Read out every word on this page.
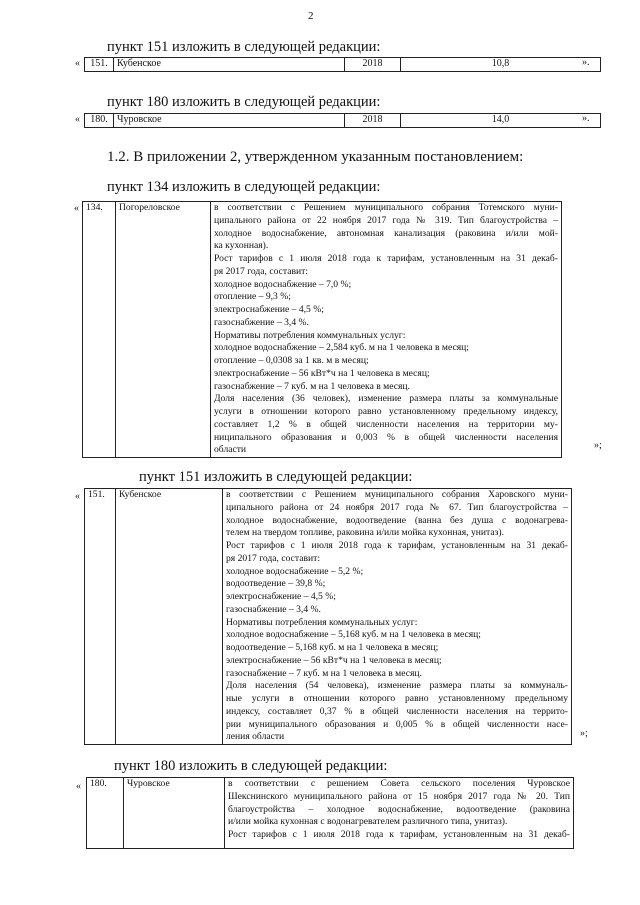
2
пункт 151 изложить в следующей редакции:
« 151.	Кубенское	2018	10,8	».
пункт 180 изложить в следующей редакции:
« 180.	Чуровское	2018	14,0	».
1.2. В приложении 2, утвержденном указанным постановлением:
пункт 134 изложить в следующей редакции:
« 134.	Погореловское	в соответствии с Решением муниципального собрания Тотемского муни-
ципального района от 22 ноября 2017 года № 319. Тип благоустройства –
холодное водоснабжение, автономная канализация (раковина и/или мой-
ка кухонная).
Рост тарифов с 1 июля 2018 года к тарифам, установленным на 31 декаб-
ря 2017 года, составит:
холодное водоснабжение – 7,0 %;
отопление – 9,3 %;
электроснабжение – 4,5 %;
газоснабжение – 3,4 %.
Нормативы потребления коммунальных услуг:
холодное водоснабжение – 2,584 куб. м на 1 человека в месяц;
отопление – 0,0308 за 1 кв. м в месяц;
электроснабжение – 56 кВт*ч на 1 человека в месяц;
газоснабжение – 7 куб. м на 1 человека в месяц.
Доля населения (36 человек), изменение размера платы за коммунальные
услуги в отношении которого равно установленному предельному индексу,
составляет 1,2 % в общей численности населения на территории му-
ниципального образования и 0,003 % в общей численности населения
области	»;
пункт 151 изложить в следующей редакции:
« 151.	Кубенское	в соответствии с Решением муниципального собрания Харовского муни-
ципального района от 24 ноября 2017 года № 67. Тип благоустройства –
холодное водоснабжение, водоотведение (ванна без душа с водонагрева-
телем на твердом топливе, раковина и/или мойка кухонная, унитаз).
Рост тарифов с 1 июля 2018 года к тарифам, установленным на 31 декаб-
ря 2017 года, составит:
холодное водоснабжение – 5,2 %;
водоотведение – 39,8 %;
электроснабжение – 4,5 %;
газоснабжение – 3,4 %.
Нормативы потребления коммунальных услуг:
холодное водоснабжение – 5,168 куб. м на 1 человека в месяц;
водоотведение – 5,168 куб. м на 1 человека в месяц;
электроснабжение – 56 кВт*ч на 1 человека в месяц;
газоснабжение – 7 куб. м на 1 человека в месяц.
Доля населения (54 человека), изменение размера платы за коммуналь-
ные услуги в отношении которого равно установленному предельному
индексу, составляет 0,37 % в общей численности населения на террито-
рии муниципального образования и 0,005 % в общей численности насе-
ления области	»;
пункт 180 изложить в следующей редакции:
« 180.	Чуровское	в соответствии с решением Совета сельского поселения Чуровское
Шекснинского муниципального района от 15 ноября 2017 года № 20. Тип
благоустройства – холодное водоснабжение, водоотведение (раковина
и/или мойка кухонная с водонагревателем различного типа, унитаз).
Рост тарифов с 1 июля 2018 года к тарифам, установленным на 31 декаб-
